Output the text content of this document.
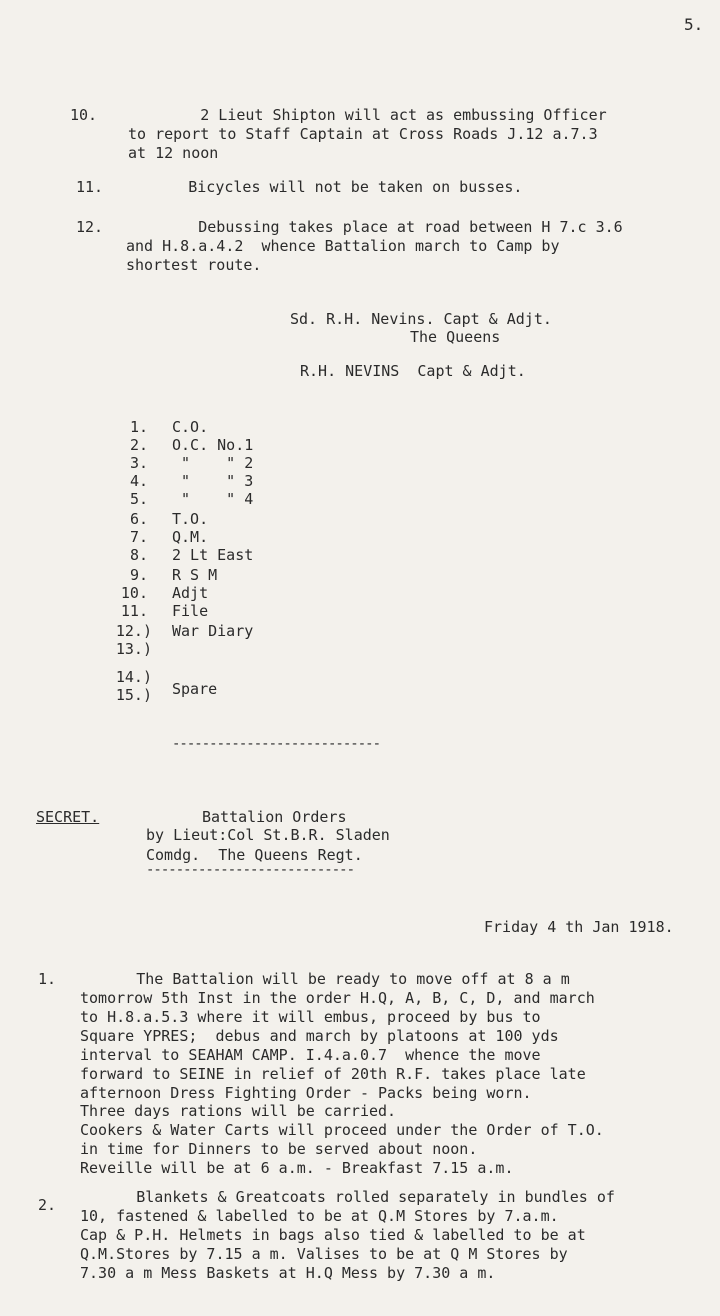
5.
10. 2 Lieut Shipton will act as embussing Officer
to report to Staff Captain at Cross Roads J.12 a.7.3
at 12 noon
11. Bicycles will not be taken on busses.
12. Debussing takes place at road between H 7.c 3.6
and H.8.a.4.2  whence Battalion march to Camp by
shortest route.
Sd. R.H. Nevins. Capt & Adjt.
The Queens
R.H. NEVINS  Capt & Adjt.
1. C.O.
2. O.C. No.1
3. "    " 2
4. "    " 3
5. "    " 4
6. T.O.
7. Q.M.
8. 2 Lt East
9. R S M
10. Adjt
11. File
12.) War Diary
13.)
14.)
15.) Spare
----------------------------
SECRET.	Battalion Orders
by Lieut:Col St.B.R. Sladen
Comdg.  The Queens Regt.
----------------------------
Friday 4 th Jan 1918.
1. The Battalion will be ready to move off at 8 a m
tomorrow 5th Inst in the order H.Q, A, B, C, D, and march
to H.8.a.5.3 where it will embus, proceed by bus to
Square YPRES;  debus and march by platoons at 100 yds
interval to SEAHAM CAMP. I.4.a.0.7  whence the move
forward to SEINE in relief of 20th R.F. takes place late
afternoon Dress Fighting Order - Packs being worn.
Three days rations will be carried.
Cookers & Water Carts will proceed under the Order of T.O.
in time for Dinners to be served about noon.
Reveille will be at 6 a.m. - Breakfast 7.15 a.m.
2. Blankets & Greatcoats rolled separately in bundles of
10, fastened & labelled to be at Q.M Stores by 7.a.m.
Cap & P.H. Helmets in bags also tied & labelled to be at
Q.M.Stores by 7.15 a m. Valises to be at Q M Stores by
7.30 a m Mess Baskets at H.Q Mess by 7.30 a m.
